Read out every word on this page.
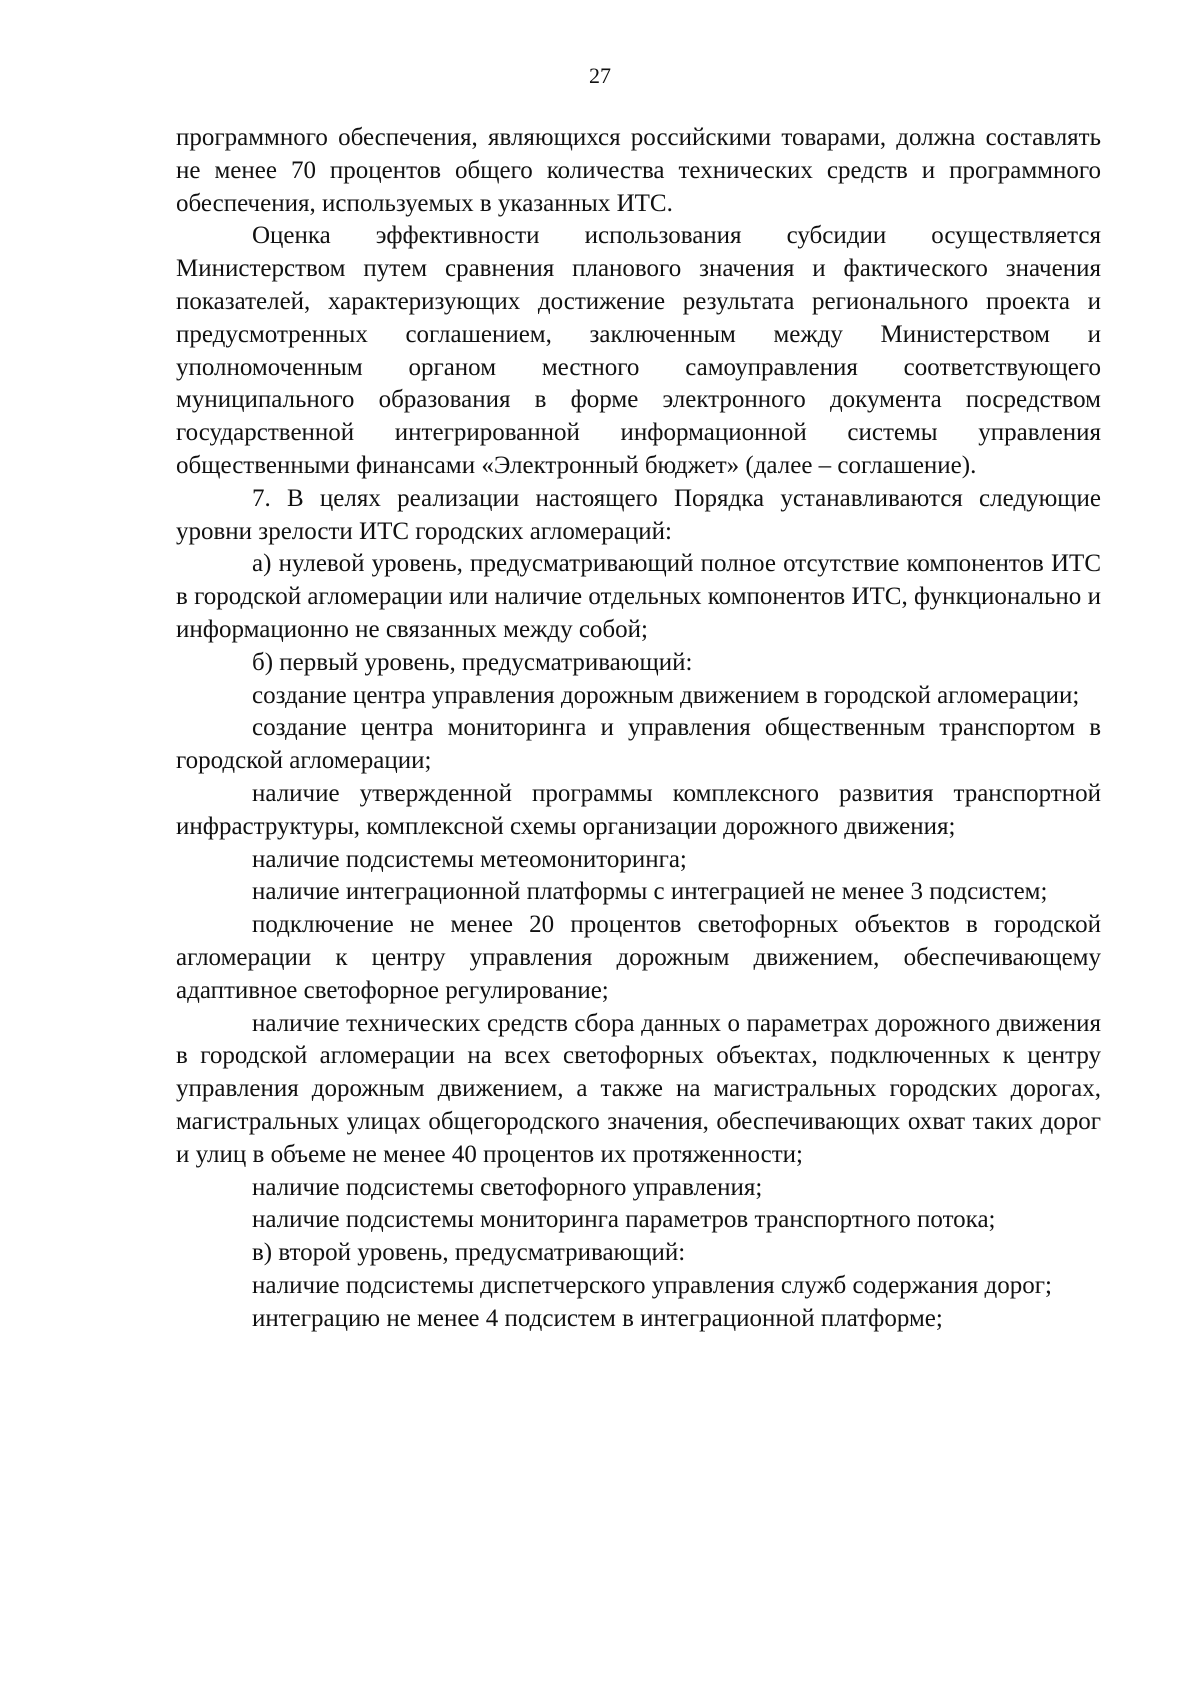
27

программного обеспечения, являющихся российскими товарами, должна составлять не менее 70 процентов общего количества технических средств и программного обеспечения, используемых в указанных ИТС.

Оценка эффективности использования субсидии осуществляется Министерством путем сравнения планового значения и фактического значения показателей, характеризующих достижение результата регионального проекта и предусмотренных соглашением, заключенным между Министерством и уполномоченным органом местного самоуправления соответствующего муниципального образования в форме электронного документа посредством государственной интегрированной информационной системы управления общественными финансами «Электронный бюджет» (далее – соглашение).

7. В целях реализации настоящего Порядка устанавливаются следующие уровни зрелости ИТС городских агломераций:

а) нулевой уровень, предусматривающий полное отсутствие компонентов ИТС в городской агломерации или наличие отдельных компонентов ИТС, функционально и информационно не связанных между собой;

б) первый уровень, предусматривающий:

создание центра управления дорожным движением в городской агломерации;

создание центра мониторинга и управления общественным транспортом в городской агломерации;

наличие утвержденной программы комплексного развития транспортной инфраструктуры, комплексной схемы организации дорожного движения;

наличие подсистемы метеомониторинга;

наличие интеграционной платформы с интеграцией не менее 3 подсистем;

подключение не менее 20 процентов светофорных объектов в городской агломерации к центру управления дорожным движением, обеспечивающему адаптивное светофорное регулирование;

наличие технических средств сбора данных о параметрах дорожного движения в городской агломерации на всех светофорных объектах, подключенных к центру управления дорожным движением, а также на магистральных городских дорогах, магистральных улицах общегородского значения, обеспечивающих охват таких дорог и улиц в объеме не менее 40 процентов их протяженности;

наличие подсистемы светофорного управления;

наличие подсистемы мониторинга параметров транспортного потока;

в) второй уровень, предусматривающий:

наличие подсистемы диспетчерского управления служб содержания дорог;

интеграцию не менее 4 подсистем в интеграционной платформе;
